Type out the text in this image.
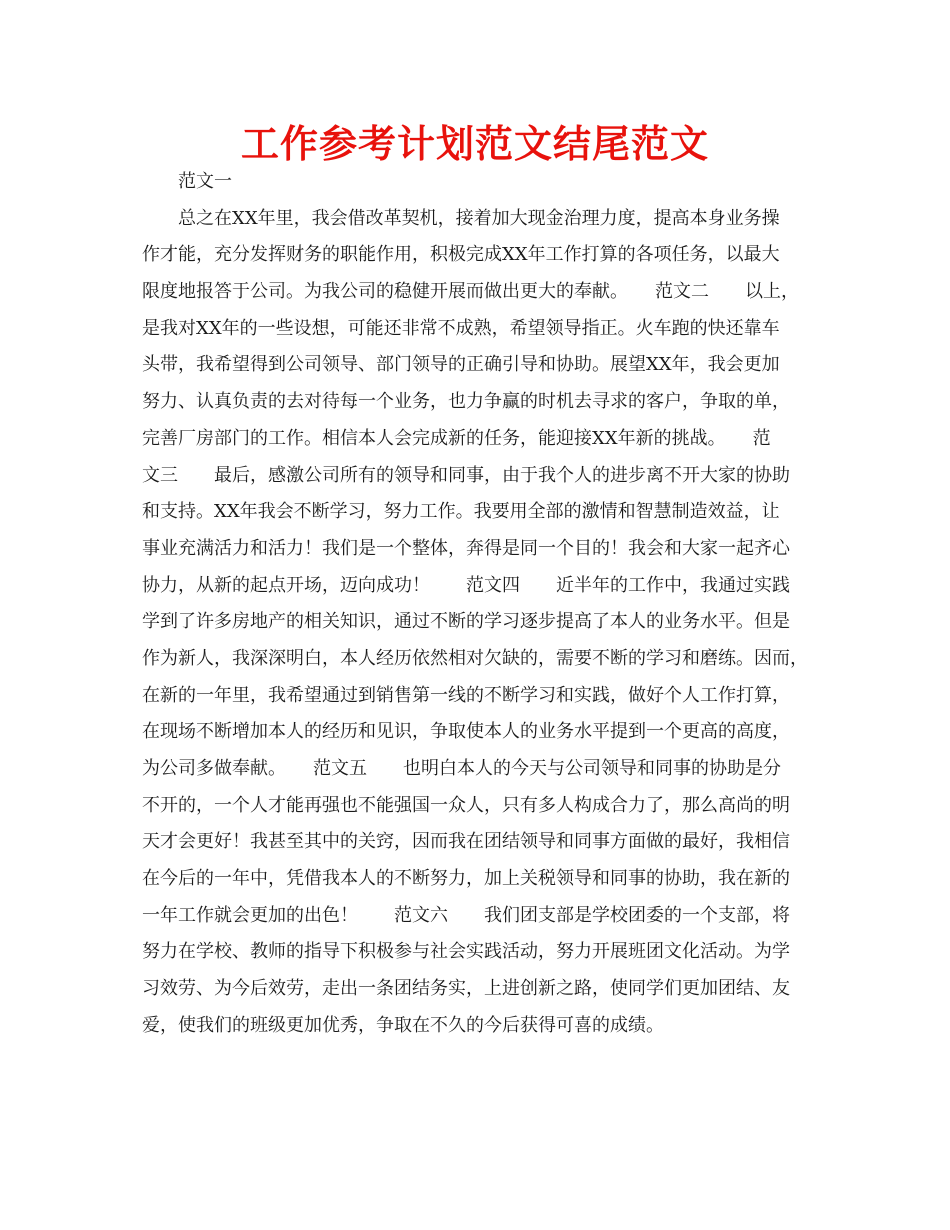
工作参考计划范文结尾范文
范文一
总之在XX年里，我会借改革契机，接着加大现金治理力度，提高本身业务操
作才能，充分发挥财务的职能作用，积极完成XX年工作打算的各项任务，以最大
限度地报答于公司。为我公司的稳健开展而做出更大的奉献。　　范文二　　以上，
是我对XX年的一些设想，可能还非常不成熟，希望领导指正。火车跑的快还靠车
头带，我希望得到公司领导、部门领导的正确引导和协助。展望XX年，我会更加
努力、认真负责的去对待每一个业务，也力争赢的时机去寻求的客户，争取的单，
完善厂房部门的工作。相信本人会完成新的任务，能迎接XX年新的挑战。　　范
文三　　最后，感激公司所有的领导和同事，由于我个人的进步离不开大家的协助
和支持。XX年我会不断学习，努力工作。我要用全部的激情和智慧制造效益，让
事业充满活力和活力！我们是一个整体，奔得是同一个目的！我会和大家一起齐心
协力，从新的起点开场，迈向成功！　　范文四　　近半年的工作中，我通过实践
学到了许多房地产的相关知识，通过不断的学习逐步提高了本人的业务水平。但是
作为新人，我深深明白，本人经历依然相对欠缺的，需要不断的学习和磨练。因而，
在新的一年里，我希望通过到销售第一线的不断学习和实践，做好个人工作打算，
在现场不断增加本人的经历和见识，争取使本人的业务水平提到一个更高的高度，
为公司多做奉献。　　范文五　　也明白本人的今天与公司领导和同事的协助是分
不开的，一个人才能再强也不能强国一众人，只有多人构成合力了，那么高尚的明
天才会更好！我甚至其中的关窍，因而我在团结领导和同事方面做的最好，我相信
在今后的一年中，凭借我本人的不断努力，加上关税领导和同事的协助，我在新的
一年工作就会更加的出色！　　范文六　　我们团支部是学校团委的一个支部，将
努力在学校、教师的指导下积极参与社会实践活动，努力开展班团文化活动。为学
习效劳、为今后效劳，走出一条团结务实，上进创新之路，使同学们更加团结、友
爱，使我们的班级更加优秀，争取在不久的今后获得可喜的成绩。
